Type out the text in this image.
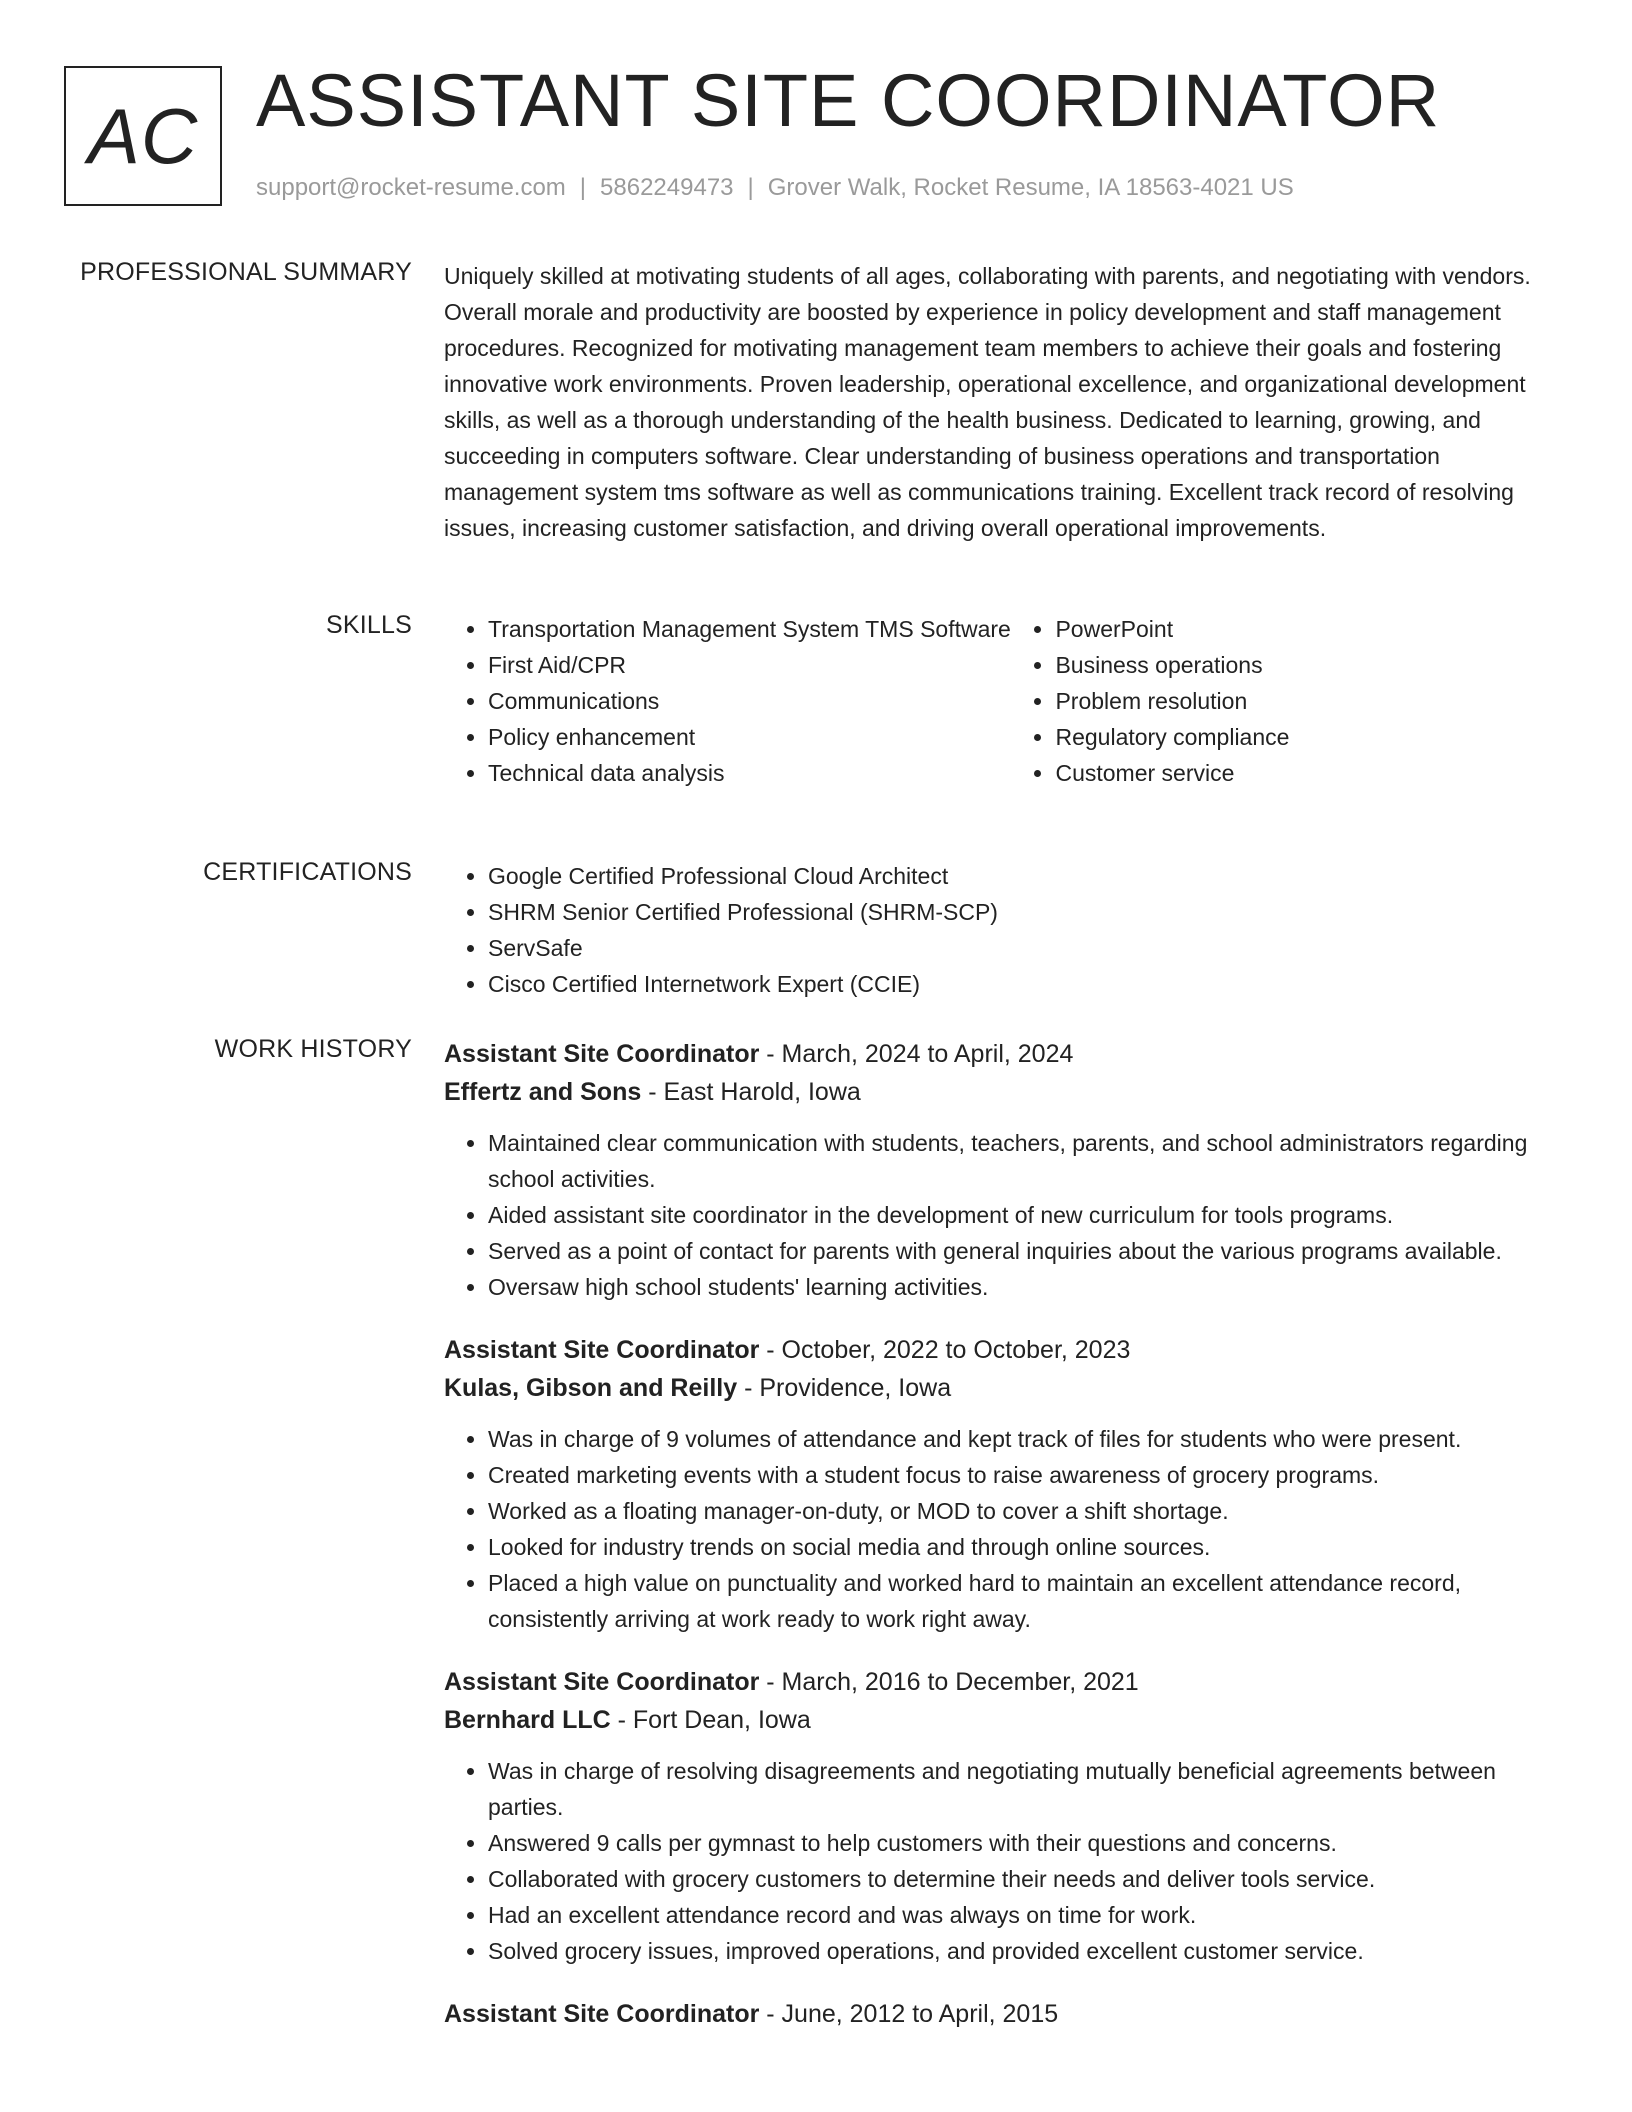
AC ASSISTANT SITE COORDINATOR
support@rocket-resume.com | 5862249473 | Grover Walk, Rocket Resume, IA 18563-4021 US
PROFESSIONAL SUMMARY Uniquely skilled at motivating students of all ages, collaborating with parents, and negotiating with vendors. Overall morale and productivity are boosted by experience in policy development and staff management procedures. Recognized for motivating management team members to achieve their goals and fostering innovative work environments. Proven leadership, operational excellence, and organizational development skills, as well as a thorough understanding of the health business. Dedicated to learning, growing, and succeeding in computers software. Clear understanding of business operations and transportation management system tms software as well as communications training. Excellent track record of resolving issues, increasing customer satisfaction, and driving overall operational improvements.
SKILLS	• Transportation Management System TMS Software
• First Aid/CPR
• Communications
• Policy enhancement
• Technical data analysis
• PowerPoint
• Business operations
• Problem resolution
• Regulatory compliance
• Customer service
CERTIFICATIONS	• Google Certified Professional Cloud Architect
• SHRM Senior Certified Professional (SHRM-SCP)
• ServSafe
• Cisco Certified Internetwork Expert (CCIE)
WORK HISTORY Assistant Site Coordinator - March, 2024 to April, 2024
Effertz and Sons - East Harold, Iowa
• Maintained clear communication with students, teachers, parents, and school administrators regarding school activities.
• Aided assistant site coordinator in the development of new curriculum for tools programs.
• Served as a point of contact for parents with general inquiries about the various programs available.
• Oversaw high school students' learning activities.
Assistant Site Coordinator - October, 2022 to October, 2023
Kulas, Gibson and Reilly - Providence, Iowa
• Was in charge of 9 volumes of attendance and kept track of files for students who were present.
• Created marketing events with a student focus to raise awareness of grocery programs.
• Worked as a floating manager-on-duty, or MOD to cover a shift shortage.
• Looked for industry trends on social media and through online sources.
• Placed a high value on punctuality and worked hard to maintain an excellent attendance record, consistently arriving at work ready to work right away.
Assistant Site Coordinator - March, 2016 to December, 2021
Bernhard LLC - Fort Dean, Iowa
• Was in charge of resolving disagreements and negotiating mutually beneficial agreements between parties.
• Answered 9 calls per gymnast to help customers with their questions and concerns.
• Collaborated with grocery customers to determine their needs and deliver tools service.
• Had an excellent attendance record and was always on time for work.
• Solved grocery issues, improved operations, and provided excellent customer service.
Assistant Site Coordinator - June, 2012 to April, 2015
